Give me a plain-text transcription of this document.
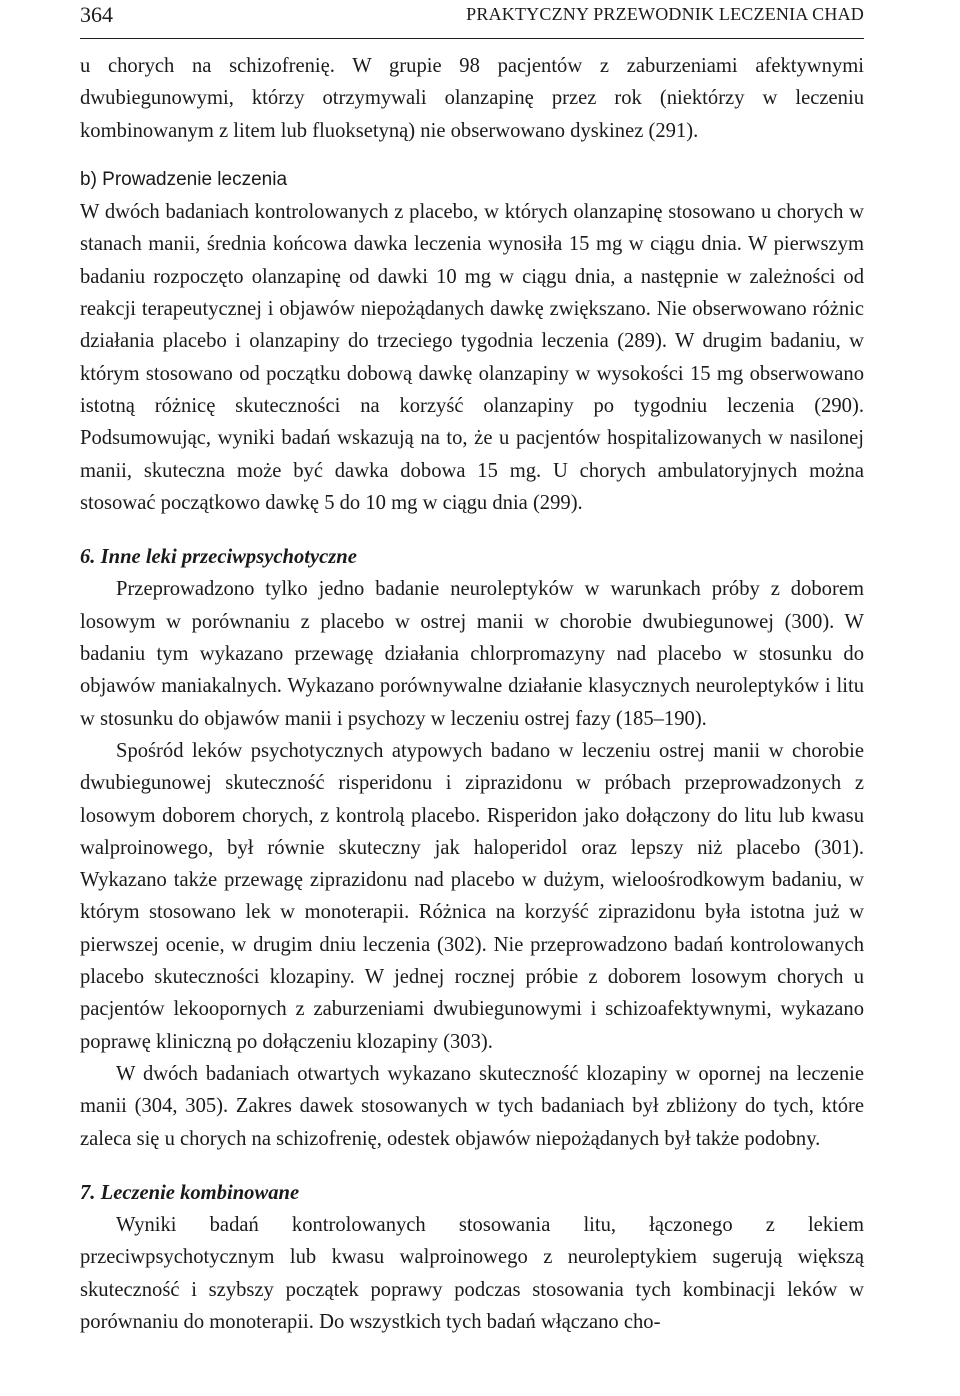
364	PRAKTYCZNY PRZEWODNIK LECZENIA CHAD

u chorych na schizofrenię. W grupie 98 pacjentów z zaburzeniami afektywnymi dwubiegunowymi, którzy otrzymywali olanzapinę przez rok (niektórzy w leczeniu kombinowanym z litem lub fluoksetyną) nie obserwowano dyskinez (291).

b) Prowadzenie leczenia

W dwóch badaniach kontrolowanych z placebo, w których olanzapinę stosowano u chorych w stanach manii, średnia końcowa dawka leczenia wynosiła 15 mg w ciągu dnia. W pierwszym badaniu rozpoczęto olanzapinę od dawki 10 mg w ciągu dnia, a następnie w zależności od reakcji terapeutycznej i objawów niepożądanych dawkę zwiększano. Nie obserwowano różnic działania placebo i olanzapiny do trzeciego tygodnia leczenia (289). W drugim badaniu, w którym stosowano od początku dobową dawkę olanzapiny w wysokości 15 mg obserwowano istotną różnicę skuteczności na korzyść olanzapiny po tygodniu leczenia (290). Podsumowując, wyniki badań wskazują na to, że u pacjentów hospitalizowanych w nasilonej manii, skuteczna może być dawka dobowa 15 mg. U chorych ambulatoryjnych można stosować początkowo dawkę 5 do 10 mg w ciągu dnia (299).

6. Inne leki przeciwpsychotyczne

Przeprowadzono tylko jedno badanie neuroleptyków w warunkach próby z doborem losowym w porównaniu z placebo w ostrej manii w chorobie dwubiegunowej (300). W badaniu tym wykazano przewagę działania chlorpromazyny nad placebo w stosunku do objawów maniakalnych. Wykazano porównywalne działanie klasycznych neuroleptyków i litu w stosunku do objawów manii i psychozy w leczeniu ostrej fazy (185–190).

Spośród leków psychotycznych atypowych badano w leczeniu ostrej manii w chorobie dwubiegunowej skuteczność risperidonu i ziprazidonu w próbach przeprowadzonych z losowym doborem chorych, z kontrolą placebo. Risperidon jako dołączony do litu lub kwasu walproinowego, był równie skuteczny jak haloperidol oraz lepszy niż placebo (301). Wykazano także przewagę ziprazidonu nad placebo w dużym, wieloośrodkowym badaniu, w którym stosowano lek w monoterapii. Różnica na korzyść ziprazidonu była istotna już w pierwszej ocenie, w drugim dniu leczenia (302). Nie przeprowadzono badań kontrolowanych placebo skuteczności klozapiny. W jednej rocznej próbie z doborem losowym chorych u pacjentów lekoopornych z zaburzeniami dwubiegunowymi i schizoafektywnymi, wykazano poprawę kliniczną po dołączeniu klozapiny (303).

W dwóch badaniach otwartych wykazano skuteczność klozapiny w opornej na leczenie manii (304, 305). Zakres dawek stosowanych w tych badaniach był zbliżony do tych, które zaleca się u chorych na schizofrenię, odestek objawów niepożądanych był także podobny.

7. Leczenie kombinowane

Wyniki badań kontrolowanych stosowania litu, łączonego z lekiem przeciwpsychotycznym lub kwasu walproinowego z neuroleptykiem sugerują większą skuteczność i szybszy początek poprawy podczas stosowania tych kombinacji leków w porównaniu do monoterapii. Do wszystkich tych badań włączano cho-
